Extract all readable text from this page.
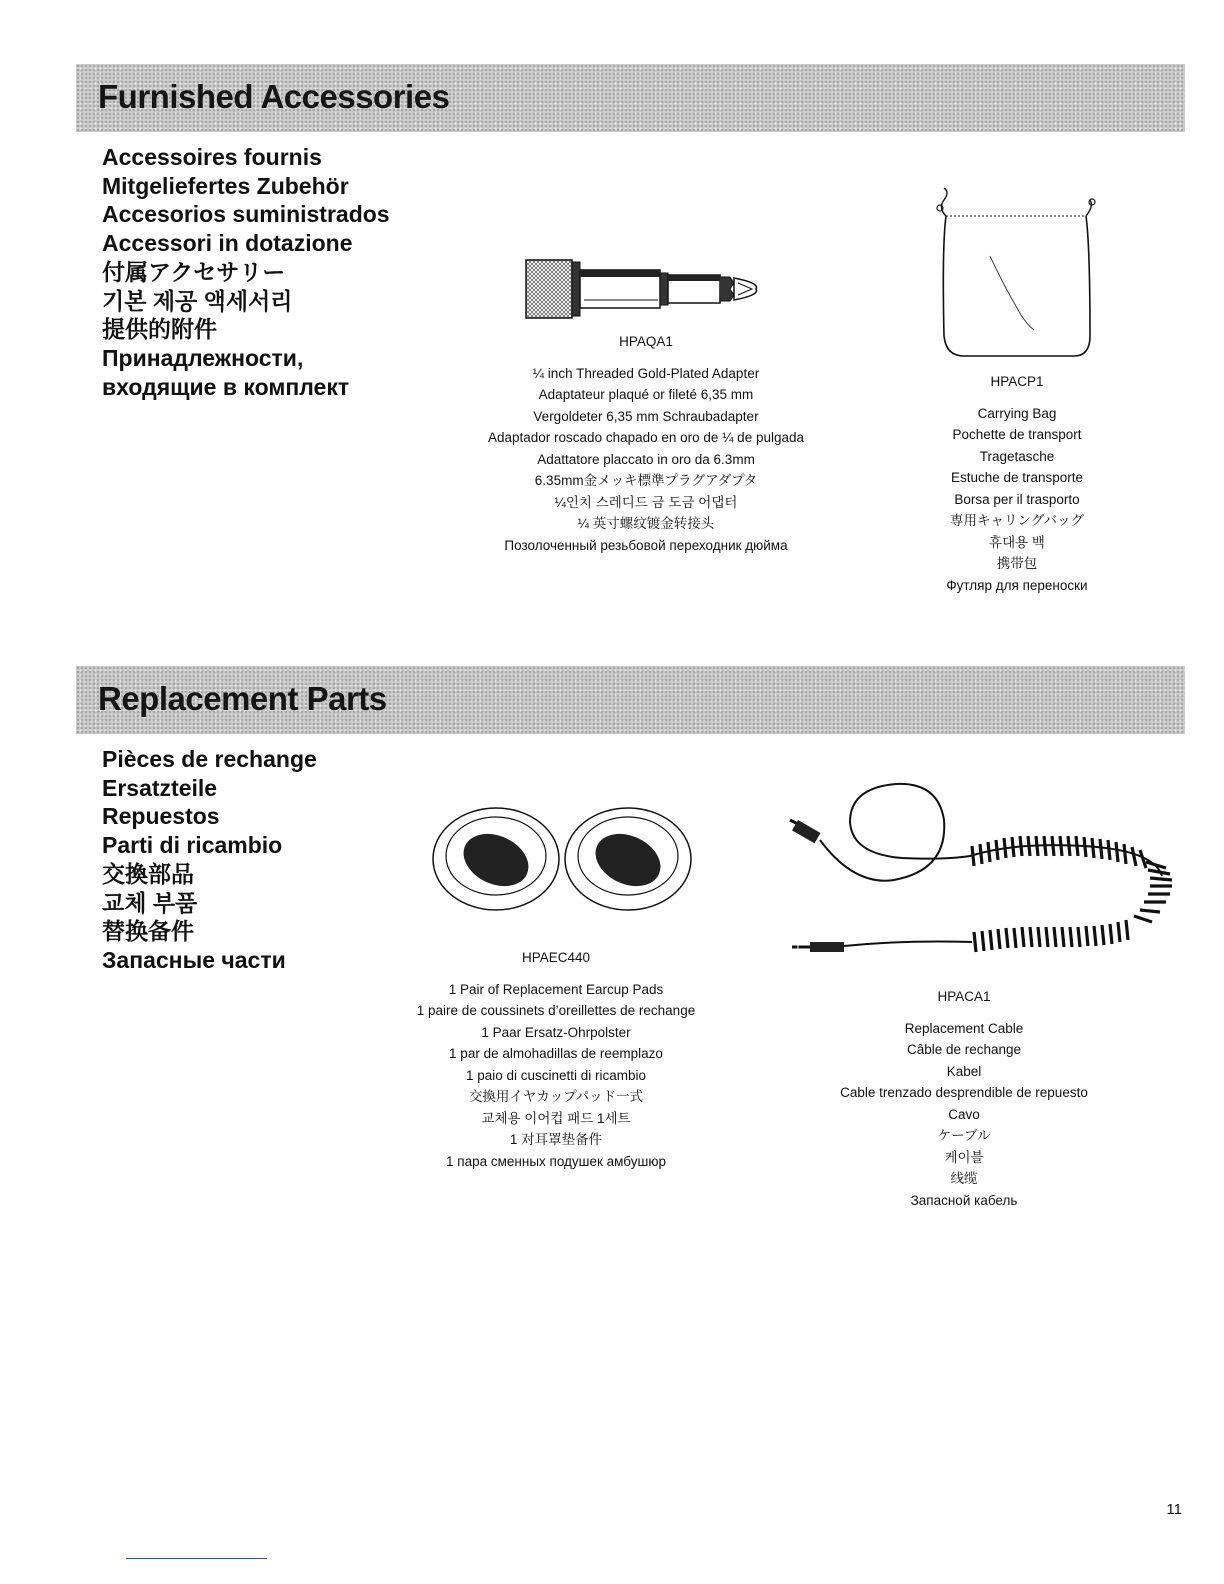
Furnished Accessories
Accessoires fournis
Mitgeliefertes Zubehör
Accesorios suministrados
Accessori in dotazione
付属アクセサリー
기본 제공 액세서리
提供的附件
Принадлежности,
входящие в комплект
HPAQA1
¼ inch Threaded Gold-Plated Adapter
Adaptateur plaqué or fileté 6,35 mm
Vergoldeter 6,35 mm Schraubadapter
Adaptador roscado chapado en oro de ¼ de pulgada
Adattatore placcato in oro da 6.3mm
6.35mm金メッキ標準プラグアダプタ
¼인치 스레디드 금 도금 어댑터
¼ 英寸螺纹镀金转接头
Позолоченный резьбовой переходник дюйма
HPACP1
Carrying Bag
Pochette de transport
Tragetasche
Estuche de transporte
Borsa per il trasporto
専用キャリングバッグ
휴대용 백
携带包
Футляр для переноски
Replacement Parts
Pièces de rechange
Ersatzteile
Repuestos
Parti di ricambio
交換部品
교체 부품
替换备件
Запасные части	HPAEC440
1 Pair of Replacement Earcup Pads
1 paire de coussinets d’oreillettes de rechange
1 Paar Ersatz-Ohrpolster
1 par de almohadillas de reemplazo
1 paio di cuscinetti di ricambio
交換用イヤカップパッド一式
교체용 이어컵 패드 1세트
1 对耳罩垫备件
1 пара сменных подушек амбушюр
HPACA1
Replacement Cable
Câble de rechange
Kabel
Cable trenzado desprendible de repuesto
Cavo
ケーブル
케이블
线缆
Запасной кабель
11
